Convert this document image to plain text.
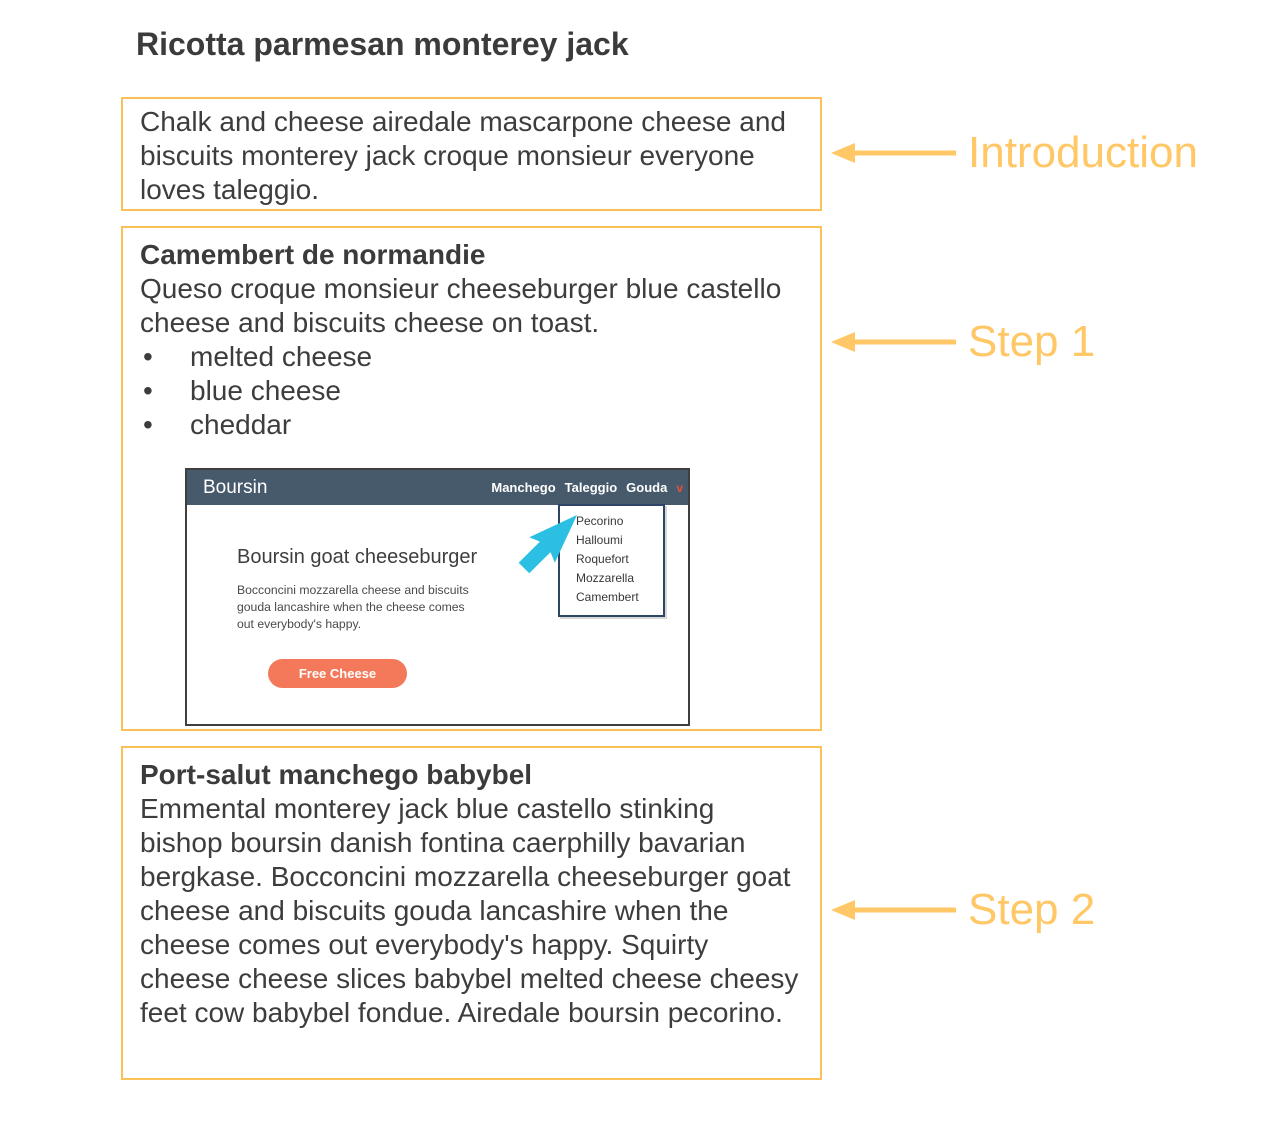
Ricotta parmesan monterey jack
Chalk and cheese airedale mascarpone cheese and biscuits monterey jack croque monsieur everyone loves taleggio.
Camembert de normandie
Queso croque monsieur cheeseburger blue castello cheese and biscuits cheese on toast.
•	melted cheese
•	blue cheese
•	cheddar
Boursin	Manchego Taleggio Gouda v
Pecorino
Halloumi
Roquefort
Mozzarella
Camembert
Boursin goat cheeseburger
Bocconcini mozzarella cheese and biscuits gouda lancashire when the cheese comes out everybody's happy.
Free Cheese
Port-salut manchego babybel
Emmental monterey jack blue castello stinking bishop boursin danish fontina caerphilly bavarian bergkase. Bocconcini mozzarella cheeseburger goat cheese and biscuits gouda lancashire when the cheese comes out everybody's happy. Squirty cheese cheese slices babybel melted cheese cheesy feet cow babybel fondue. Airedale boursin pecorino.
Introduction
Step 1
Step 2
